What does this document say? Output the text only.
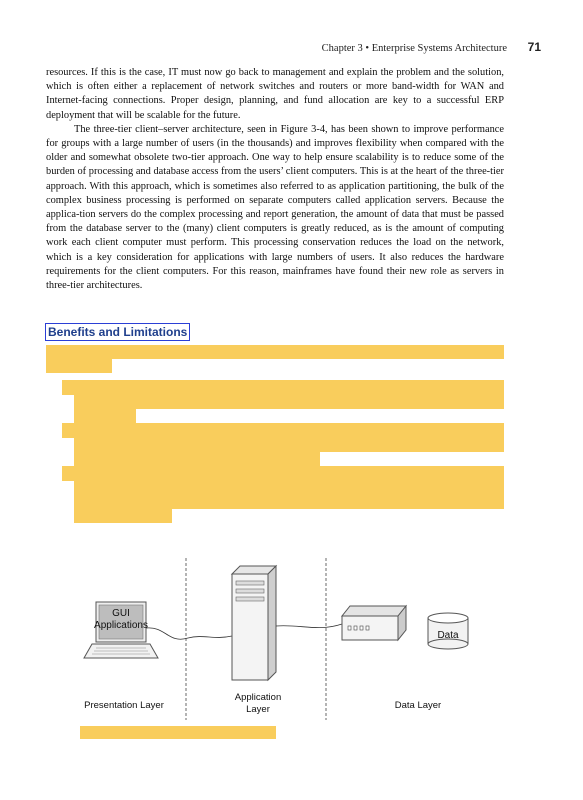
Chapter 3 • Enterprise Systems Architecture 71

resources. If this is the case, IT must now go back to management and explain the problem and the solution, which is often either a replacement of network switches and routers or more band-width for WAN and Internet-facing connections. Proper design, planning, and fund allocation are key to a successful ERP deployment that will be scalable for the future.

The three-tier client–server architecture, seen in Figure 3-4, has been shown to improve performance for groups with a large number of users (in the thousands) and improves flexibility when compared with the older and somewhat obsolete two-tier approach. One way to help ensure scalability is to reduce some of the burden of processing and database access from the users’ client computers. This is at the heart of the three-tier approach. With this approach, which is sometimes also referred to as application partitioning, the bulk of the complex business processing is performed on separate computers called application servers. Because the applica-tion servers do the complex processing and report generation, the amount of data that must be passed from the database server to the (many) client computers is greatly reduced, as is the amount of computing work each client computer must perform. This processing conservation reduces the load on the network, which is a key consideration for applications with large numbers of users. It also reduces the hardware requirements for the client computers. For this reason, mainframes have found their new role as servers in three-tier architectures.

Benefits and Limitations
GUI
Applications
Data
Presentation Layer
Application
Layer	Data Layer
